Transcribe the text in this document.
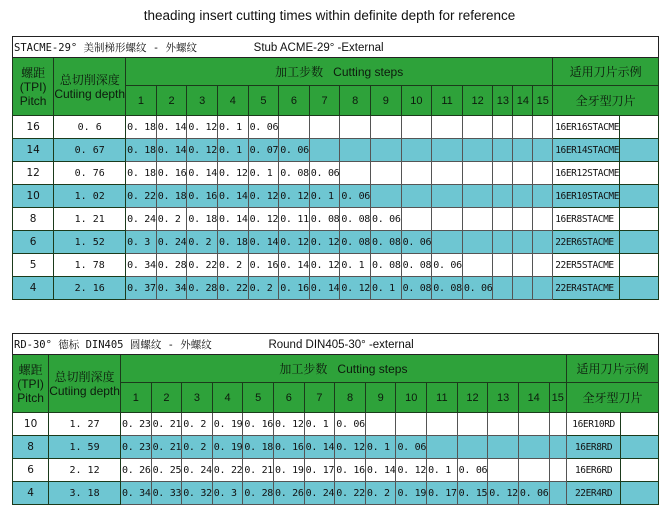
theading insert cutting times within definite depth for reference
STACME-29° 美制梯形螺纹 - 外螺纹 Stub ACME-29° -External																		

螺距
(TPI)
Pitch

总切削深度
Cutiing depth
	加工步数   Cutting steps	适用刀片示例
		1	2	3	4	5	6	7	8	9	10	11	12	13	14	15	全牙型刀片	
16	0. 6	0. 18	0. 14	0. 12	0. 1	0. 06											16ER16STACME	
14	0. 67	0. 18	0. 14	0. 12	0. 1	0. 07	0. 06										16ER14STACME	
12	0. 76	0. 18	0. 16	0. 14	0. 12	0. 1	0. 08	0. 06									16ER12STACME	
10	1. 02	0. 22	0. 18	0. 16	0. 14	0. 12	0. 12	0. 1	0. 06								16ER10STACME	
8	1. 21	0. 24	0. 2	0. 18	0. 14	0. 12	0. 11	0. 08	0. 08	0. 06							16ER8STACME	
6	1. 52	0. 3	0. 24	0. 2	0. 18	0. 14	0. 12	0. 12	0. 08	0. 08	0. 06						22ER6STACME	
5	1. 78	0. 34	0. 28	0. 22	0. 2	0. 16	0. 14	0. 12	0. 1	0. 08	0. 08	0. 06					22ER5STACME	
4	2. 16	0. 37	0. 34	0. 28	0. 22	0. 2	0. 16	0. 14	0. 12	0. 1	0. 08	0. 08	0. 06				22ER4STACME	
RD-30° 德标 DIN405 圆螺纹 - 外螺纹 Round DIN405-30° -external																		

螺距
(TPI)
Pitch

总切削深度
Cutiing depth
	加工步数   Cutting steps	适用刀片示例
		1	2	3	4	5	6	7	8	9	10	11	12	13	14	15	全牙型刀片	
10	1. 27	0. 23	0. 21	0. 2	0. 19	0. 16	0. 12	0. 1	0. 06								16ER10RD	
8	1. 59	0. 23	0. 21	0. 2	0. 19	0. 18	0. 16	0. 14	0. 12	0. 1	0. 06						16ER8RD	
6	2. 12	0. 26	0. 25	0. 24	0. 22	0. 21	0. 19	0. 17	0. 16	0. 14	0. 12	0. 1	0. 06				16ER6RD	
4	3. 18	0. 34	0. 33	0. 32	0. 3	0. 28	0. 26	0. 24	0. 22	0. 2	0. 19	0. 17	0. 15	0. 12	0. 06		22ER4RD	
